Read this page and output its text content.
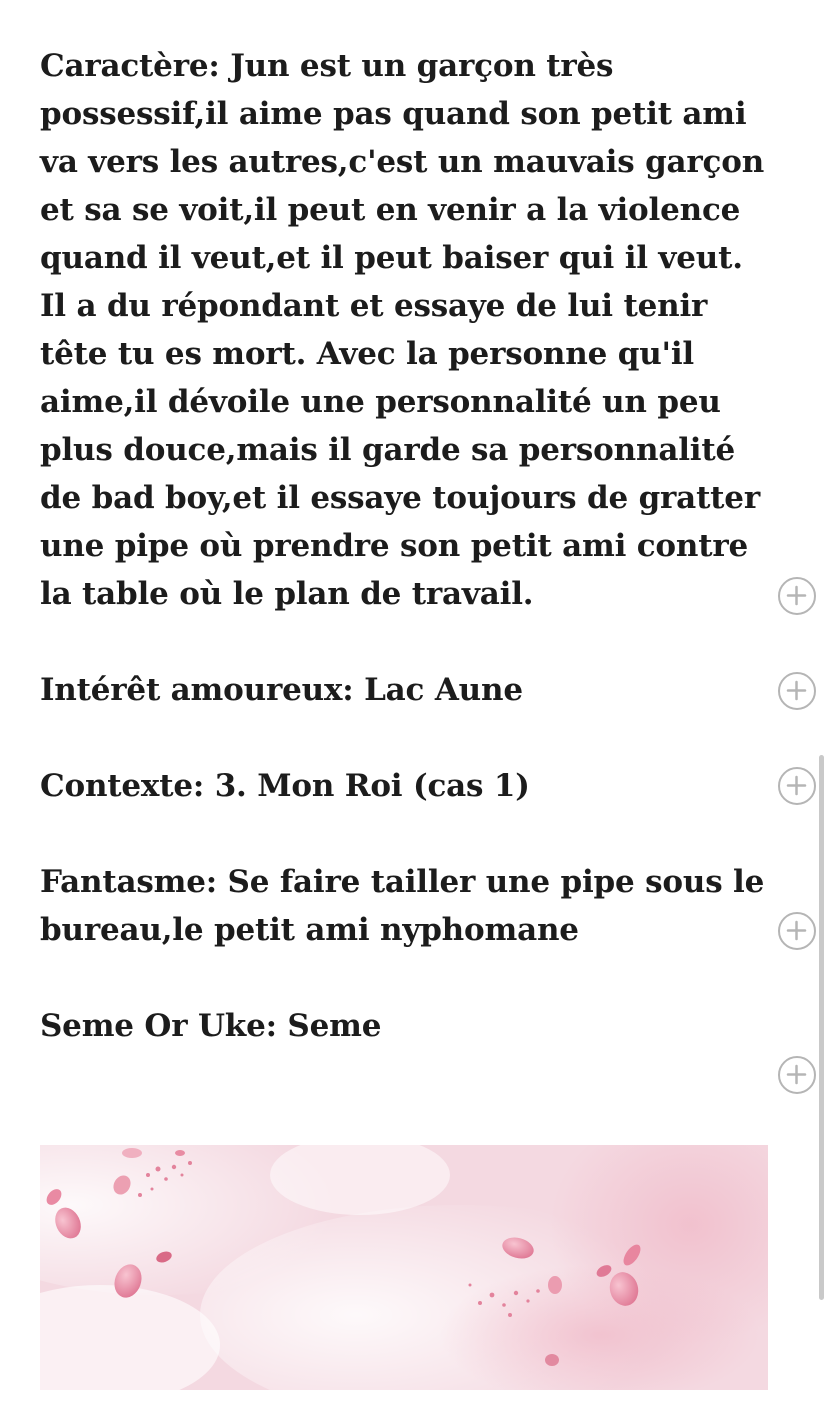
Caractère: Jun est un garçon très possessif,il aime pas quand son petit ami va vers les autres,c'est un mauvais garçon et sa se voit,il peut en venir a la violence quand il veut,et il peut baiser qui il veut. Il a du répondant et essaye de lui tenir tête tu es mort. Avec la personne qu'il aime,il dévoile une personnalité un peu plus douce,mais il garde sa personnalité de bad boy,et il essaye toujours de gratter une pipe où prendre son petit ami contre la table où le plan de travail.

Intérêt amoureux: Lac Aune

Contexte: 3. Mon Roi (cas 1)

Fantasme: Se faire tailler une pipe sous le bureau,le petit ami nyphomane

Seme Or Uke: Seme
